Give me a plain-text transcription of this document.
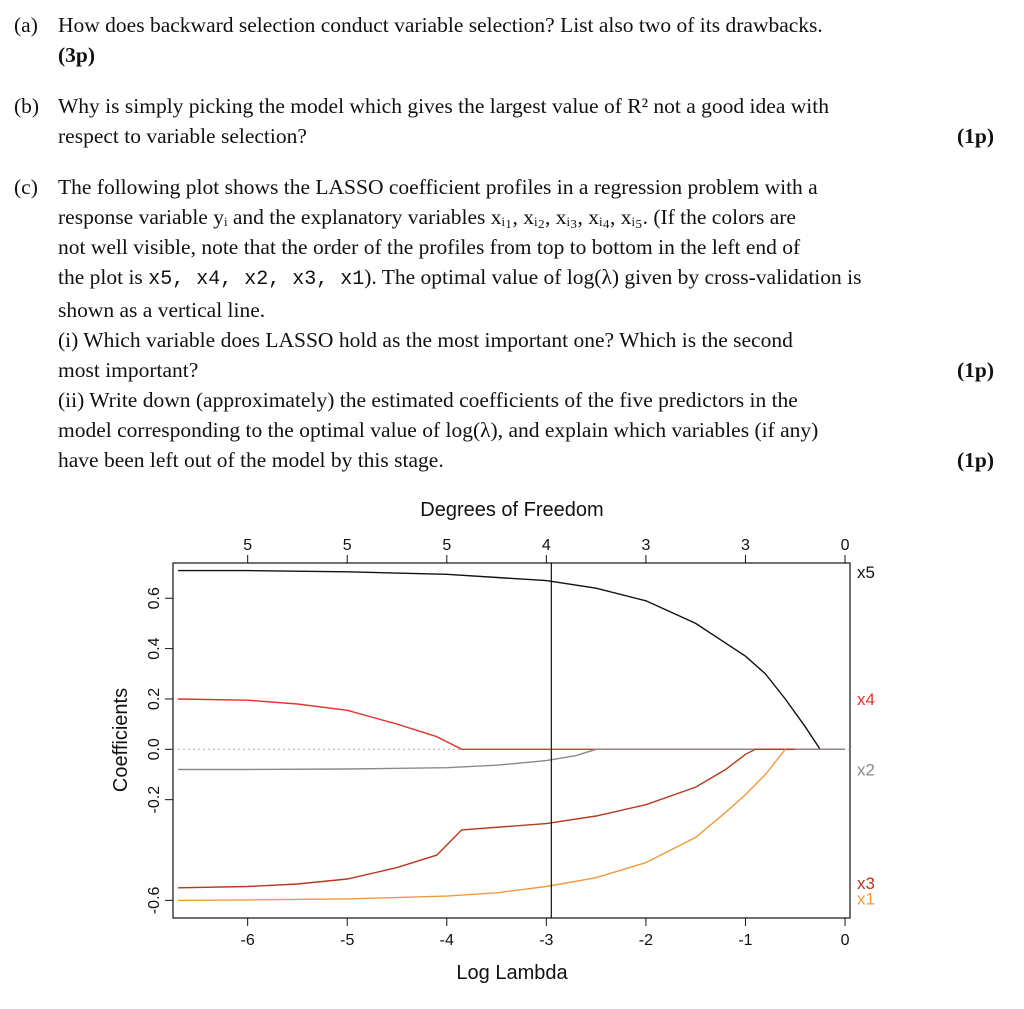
(a) How does backward selection conduct variable selection? List also two of its drawbacks.
(3p)
(b) Why is simply picking the model which gives the largest value of R² not a good idea with
respect to variable selection?	(1p)
(c) The following plot shows the LASSO coefficient profiles in a regression problem with a
response variable yᵢ and the explanatory variables xᵢ₁, xᵢ₂, xᵢ₃, xᵢ₄, xᵢ₅. (If the colors are
not well visible, note that the order of the profiles from top to bottom in the left end of
the plot is x5, x4, x2, x3, x1). The optimal value of log(λ) given by cross-validation is
shown as a vertical line.
(i) Which variable does LASSO hold as the most important one? Which is the second
most important?	(1p)
(ii) Write down (approximately) the estimated coefficients of the five predictors in the
model corresponding to the optimal value of log(λ), and explain which variables (if any)
have been left out of the model by this stage.	(1p)
Degrees of Freedom
Log Lambda
Coefficients
-6	-5	-4	-3	-2	-1	0
5	5	5	4	3	3	0
-0.6
-0.2
0.0
0.2
0.4
0.6
x5
x4
x2
x3
x1
